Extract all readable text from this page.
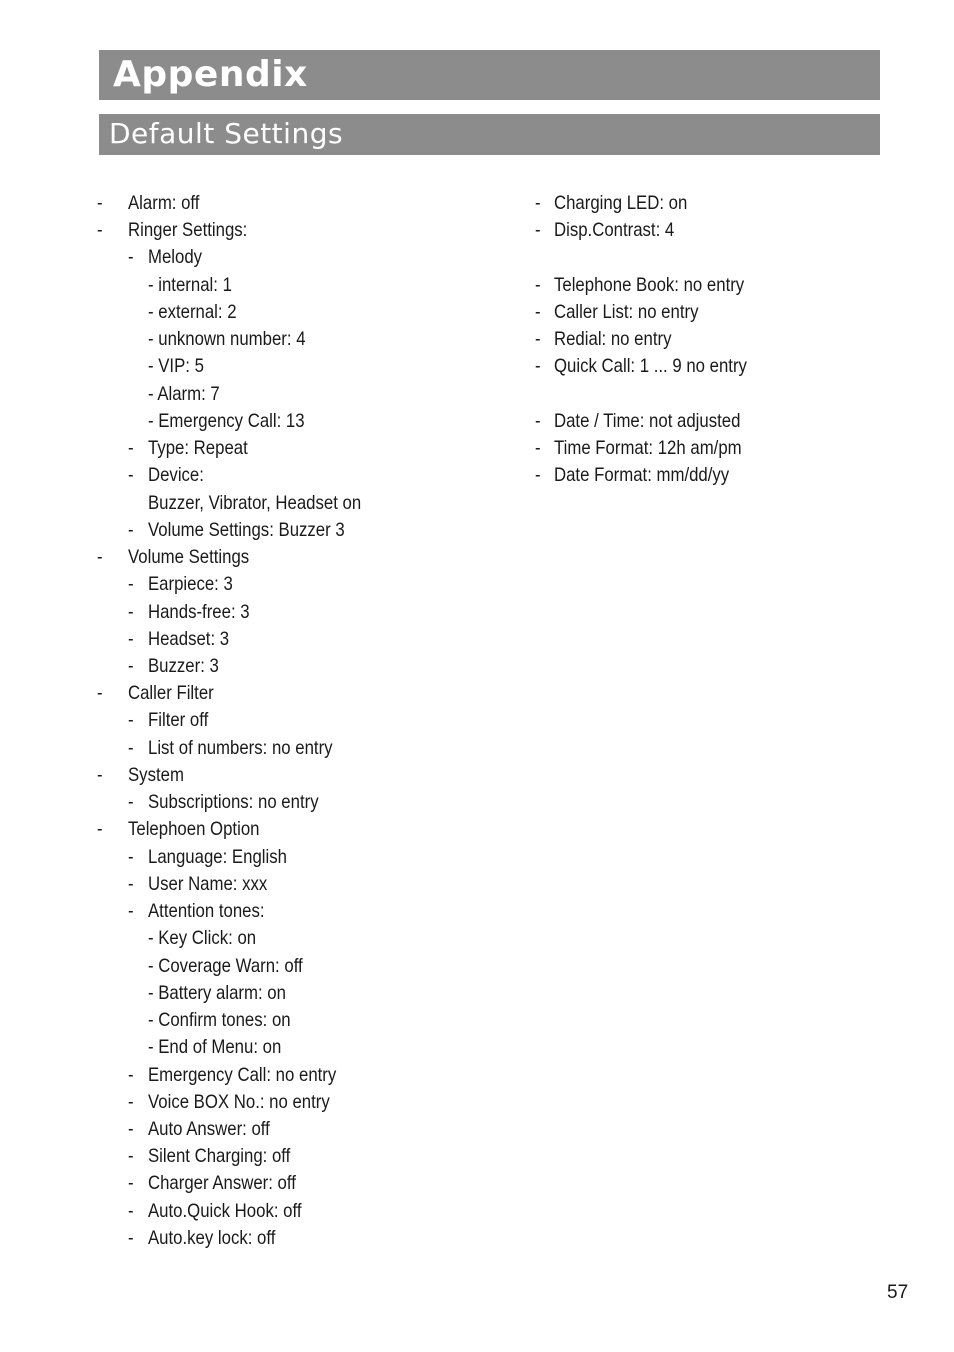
Appendix
Default Settings
- Alarm: off
- Ringer Settings:
- Melody
- internal: 1
- external: 2
- unknown number: 4
- VIP: 5
- Alarm: 7
- Emergency Call: 13
- Type: Repeat
- Device:
Buzzer, Vibrator, Headset on
- Volume Settings: Buzzer 3
- Volume Settings
- Earpiece: 3
- Hands-free: 3
- Headset: 3
- Buzzer: 3
- Caller Filter
- Filter off
- List of numbers: no entry
- System
- Subscriptions: no entry
- Telephoen Option
- Language: English
- User Name: xxx
- Attention tones:
- Key Click: on
- Coverage Warn: off
- Battery alarm: on
- Confirm tones: on
- End of Menu: on
- Emergency Call: no entry
- Voice BOX No.: no entry
- Auto Answer: off
- Silent Charging: off
- Charger Answer: off
- Auto.Quick Hook: off
- Auto.key lock: off
- Charging LED: on
- Disp.Contrast: 4
- Telephone Book: no entry
- Caller List: no entry
- Redial: no entry
- Quick Call: 1 ... 9 no entry
- Date / Time: not adjusted
- Time Format: 12h am/pm
- Date Format: mm/dd/yy
57
